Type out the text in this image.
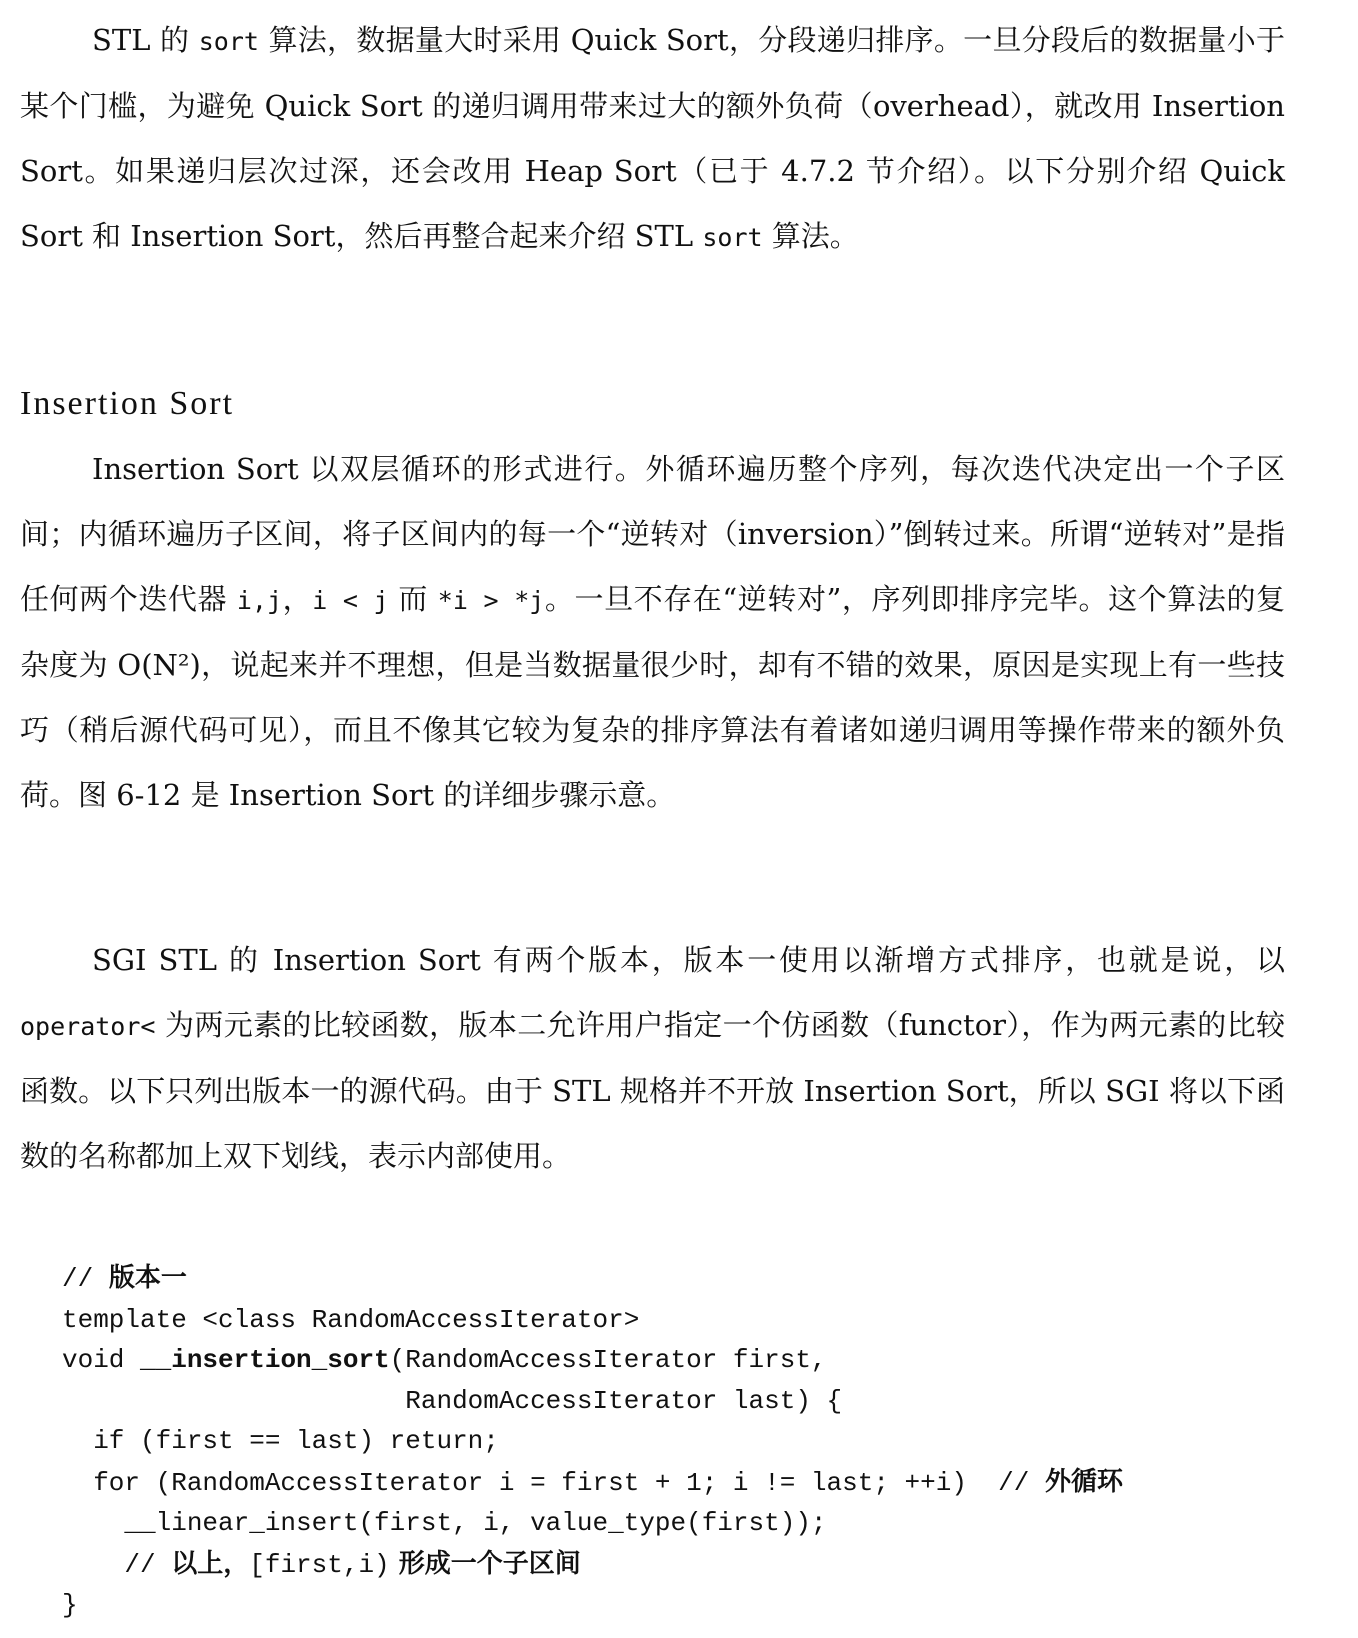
STL 的 sort 算法，数据量大时采用 Quick Sort，分段递归排序。一旦分段后的数据量小于某个门槛，为避免 Quick Sort 的递归调用带来过大的额外负荷（overhead），就改用 Insertion Sort。如果递归层次过深，还会改用 Heap Sort（已于 4.7.2 节介绍）。以下分别介绍 Quick Sort 和 Insertion Sort，然后再整合起来介绍 STL sort 算法。

Insertion Sort

Insertion Sort 以双层循环的形式进行。外循环遍历整个序列，每次迭代决定出一个子区间；内循环遍历子区间，将子区间内的每一个“逆转对（inversion）”倒转过来。所谓“逆转对”是指任何两个迭代器 i,j，i < j 而 *i > *j。一旦不存在“逆转对”，序列即排序完毕。这个算法的复杂度为 O(N²)，说起来并不理想，但是当数据量很少时，却有不错的效果，原因是实现上有一些技巧（稍后源代码可见），而且不像其它较为复杂的排序算法有着诸如递归调用等操作带来的额外负荷。图 6-12 是 Insertion Sort 的详细步骤示意。

SGI STL 的 Insertion Sort 有两个版本，版本一使用以渐增方式排序，也就是说，以 operator< 为两元素的比较函数，版本二允许用户指定一个仿函数（functor），作为两元素的比较函数。以下只列出版本一的源代码。由于 STL 规格并不开放 Insertion Sort，所以 SGI 将以下函数的名称都加上双下划线，表示内部使用。

// 版本一
template <class RandomAccessIterator>
void __insertion_sort(RandomAccessIterator first,
RandomAccessIterator last) {
if (first == last) return;
for (RandomAccessIterator i = first + 1; i != last; ++i)  // 外循环
__linear_insert(first, i, value_type(first));
// 以上，[first,i) 形成一个子区间
}
